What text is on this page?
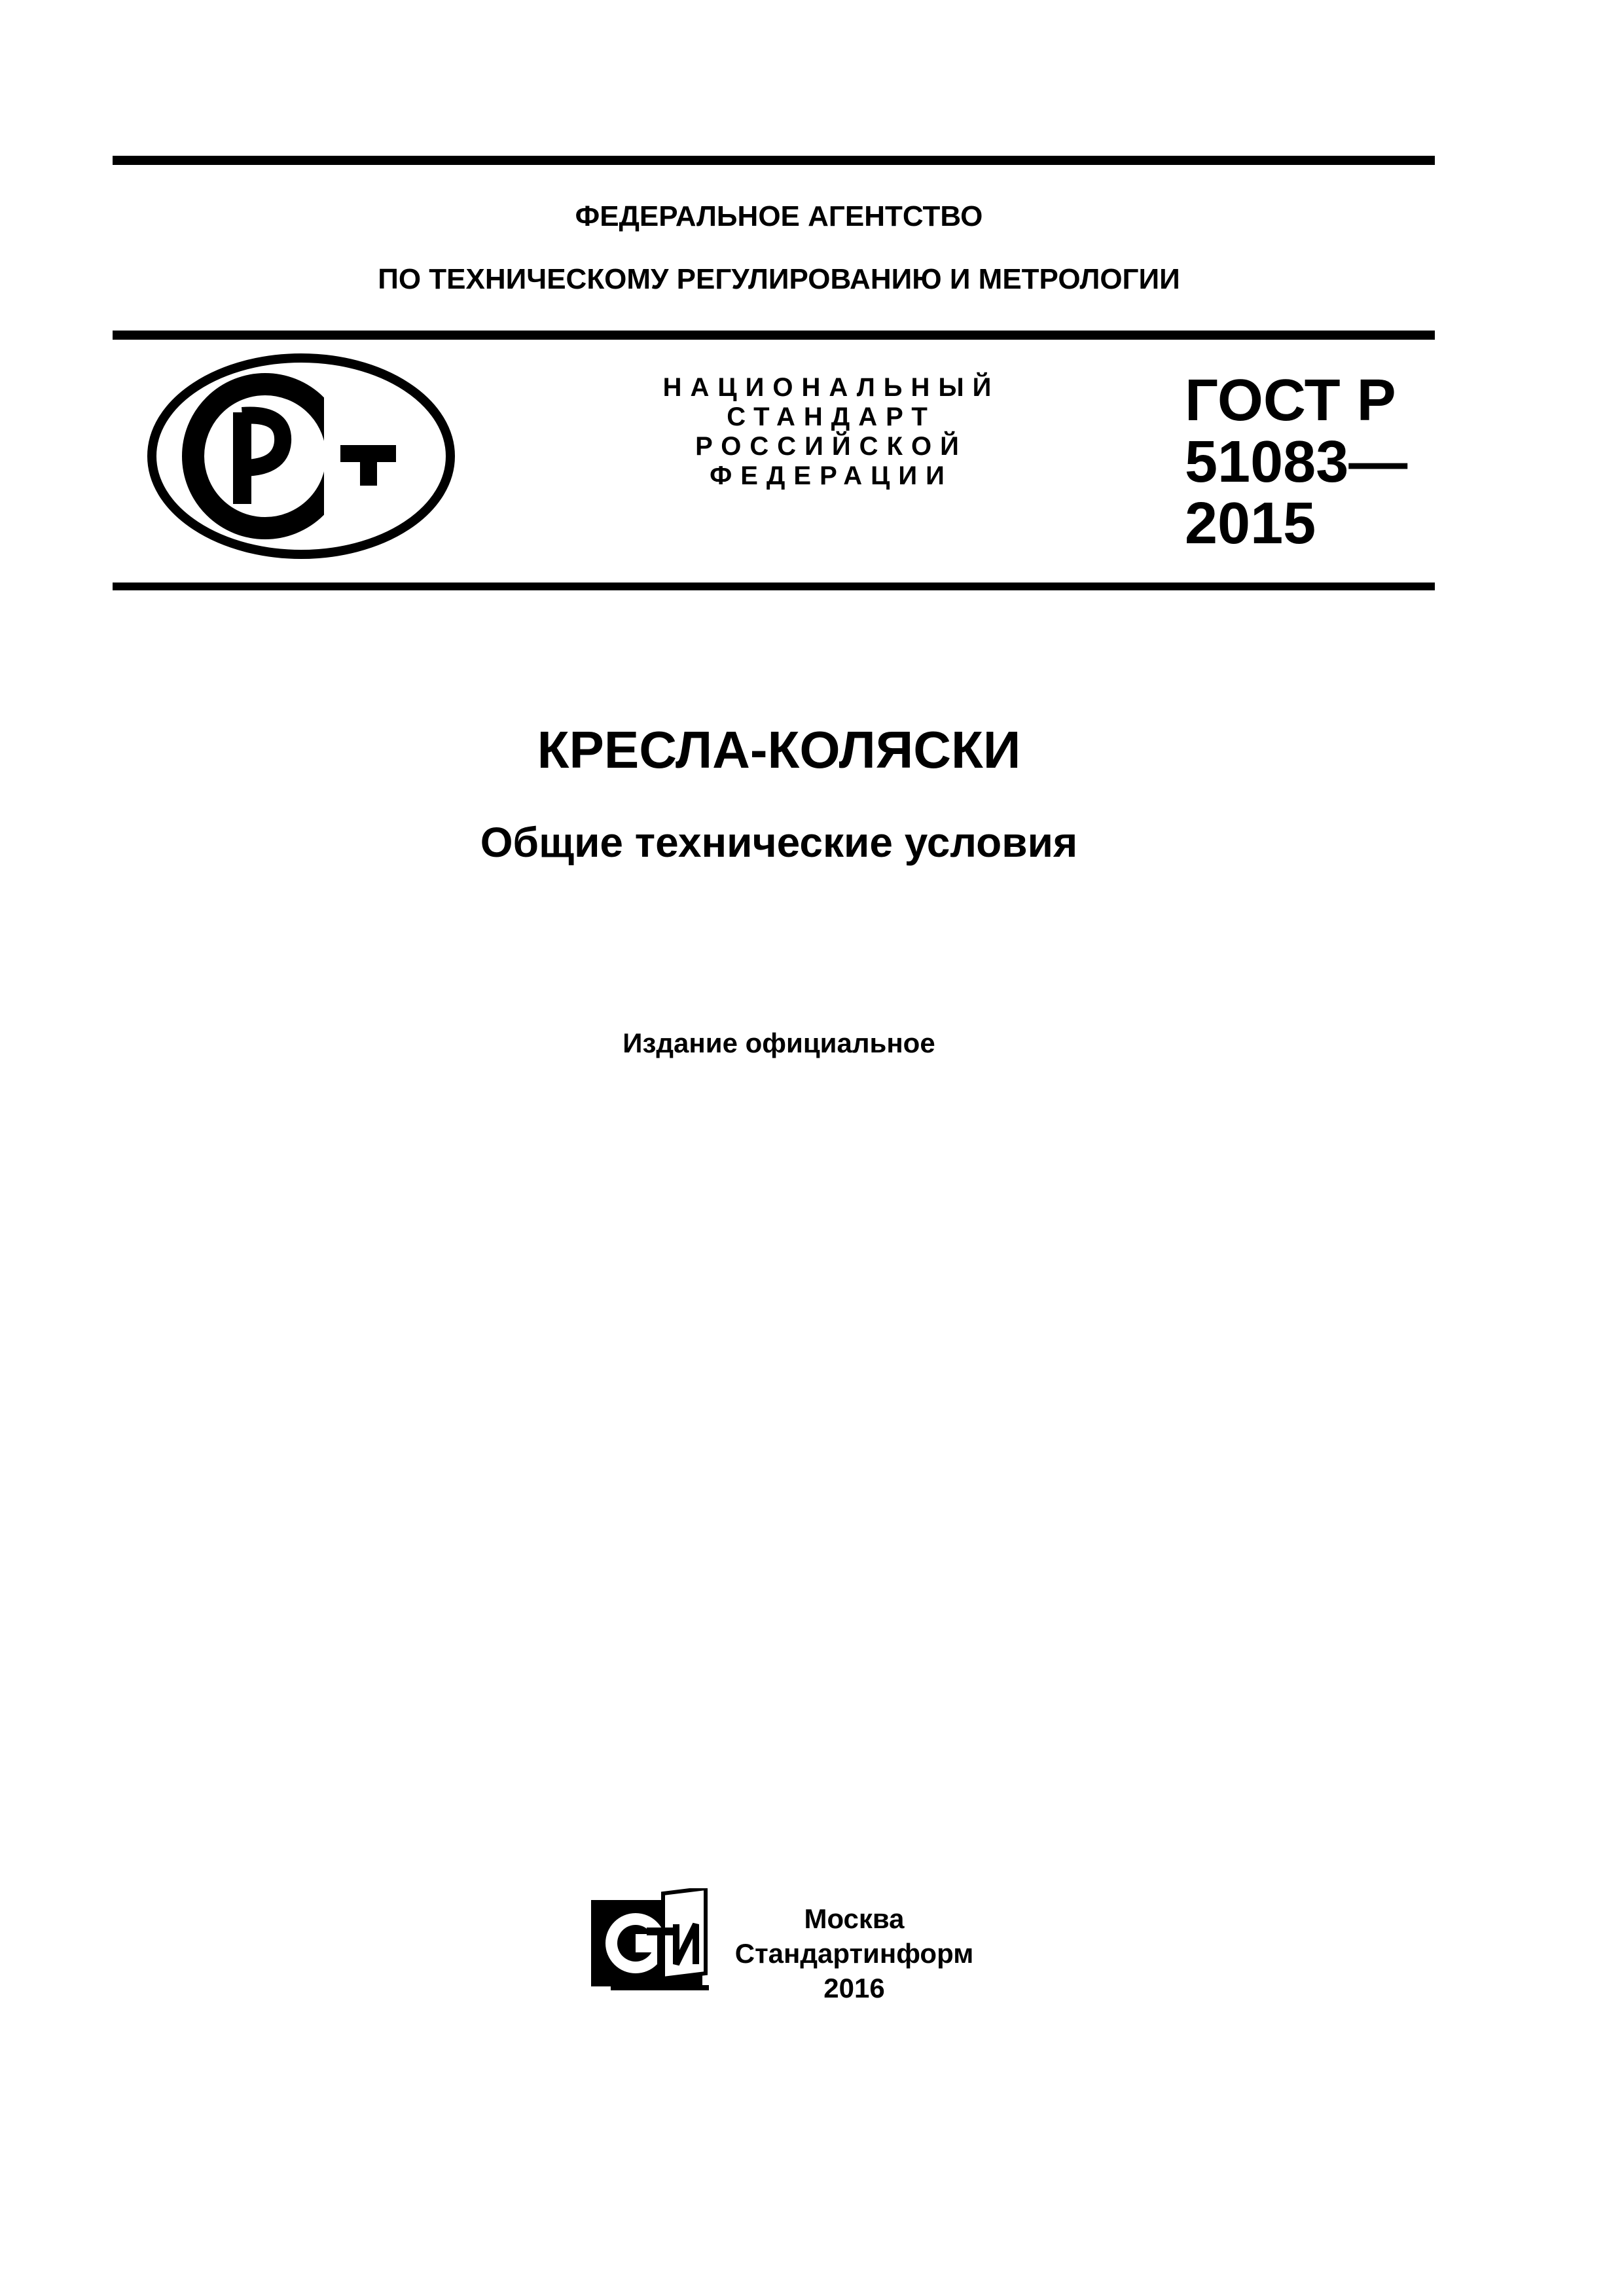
ФЕДЕРАЛЬНОЕ АГЕНТСТВО
ПО ТЕХНИЧЕСКОМУ РЕГУЛИРОВАНИЮ И МЕТРОЛОГИИ
РСТ
НАЦИОНАЛЬНЫЙ
СТАНДАРТ
РОССИЙСКОЙ
ФЕДЕРАЦИИ
ГОСТ Р
51083—
2015
КРЕСЛА-КОЛЯСКИ
Общие технические условия
Издание официальное
Москва
Стандартинформ
2016
